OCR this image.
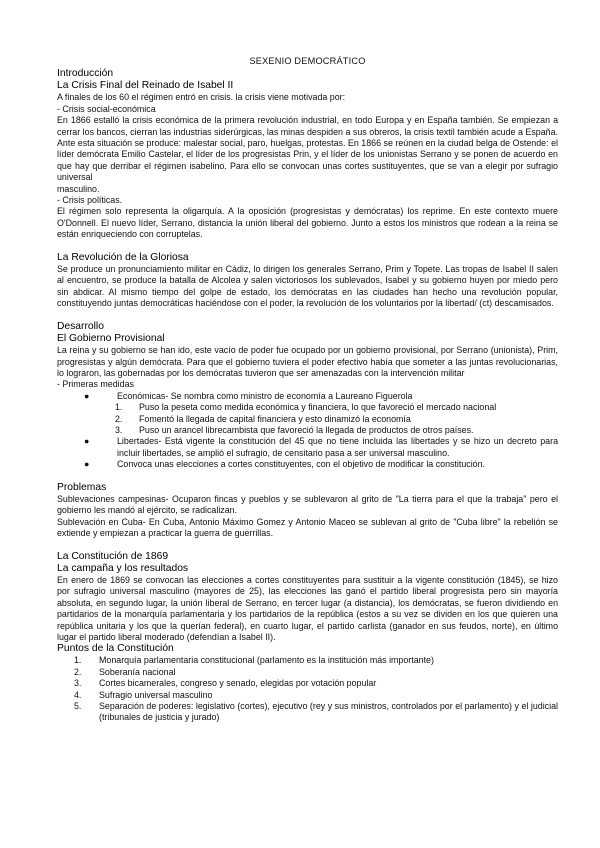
SEXENIO DEMOCRÁTICO

Introducción

La Crisis Final del Reinado de Isabel II

A finales de los 60 el régimen entró en crisis. la crisis viene motivada por:

- Crisis social-económica

En 1866 estalló la crisis económica de la primera revolución industrial, en todo Europa y en España también. Se empiezan a cerrar los bancos, cierran las industrias siderúrgicas, las minas despiden a sus obreros, la crisis textil también acude a España. Ante esta situación se produce: malestar social, paro, huelgas, protestas. En 1866 se reúnen en la ciudad belga de Ostende: el líder demócrata Emilio Castelar, el líder de los progresistas Prin, y el líder de los unionistas Serrano y se ponen de acuerdo en que hay que derribar el régimen isabelino. Para ello se convocan unas cortes sustituyentes, que se van a elegir por sufragio universal

masculino.

- Crisis políticas.

El régimen solo representa la oligarquía. A la oposición (progresistas y demócratas) los reprime. En este contexto muere O'Donnell. El nuevo líder, Serrano, distancia la unión liberal del gobierno. Junto a estos los ministros que rodean a la reina se están enriqueciendo con corruptelas.

La Revolución de la Gloriosa

Se produce un pronunciamiento militar en Cádiz, lo dirigen los generales Serrano, Prim y Topete. Las tropas de Isabel II salen al encuentro, se produce la batalla de Alcolea y salen victoriosos los sublevados, Isabel y su gobierno huyen por miedo pero sin abdicar. Al mismo tiempo del golpe de estado, los demócratas en las ciudades han hecho una revolución popular, constituyendo juntas democráticas haciéndose con el poder, la revolución de los voluntarios por la libertad/ (ct) descamisados.

Desarrollo

El Gobierno Provisional

La reina y su gobierno se han ido, este vacío de poder fue ocupado por un gobierno provisional, por Serrano (unionista), Prim, progresistas y algún demócrata. Para que el gobierno tuviera el poder efectivo había que someter a las juntas revolucionarias, lo lograron, las gobernadas por los demócratas tuvieron que ser amenazadas con la intervención militar

- Primeras medidas

●	Económicas- Se nombra como ministro de economía a Laureano Figuerola
1. Puso la peseta como medida económica y financiera, lo que favoreció el mercado nacional
2. Fomentó la llegada de capital financiera y esto dinamizó la economía
3. Puso un arancel librecambista que favoreció la llegada de productos de otros países.
●	Libertades- Está vigente la constitución del 45 que no tiene incluida las libertades y se hizo un decreto para incluir libertades, se amplió el sufragio, de censitario pasa a ser universal masculino.
●	Convoca unas elecciones a cortes constituyentes, con el objetivo de modificar la constitución.

Problemas

Sublevaciones campesinas- Ocuparon fincas y pueblos y se sublevaron al grito de "La tierra para el que la trabaja" pero el gobierno les mandó al ejército, se radicalizan.

Sublevación en Cuba- En Cuba, Antonio Máximo Gomez y Antonio Maceo se sublevan al grito de "Cuba libre" la rebelión se extiende y empiezan a practicar la guerra de guerrillas.

La Constitución de 1869

La campaña y los resultados

En enero de 1869 se convocan las elecciones a cortes constituyentes para sustituir a la vigente constitución (1845), se hizo por sufragio universal masculino (mayores de 25), las elecciones las ganó el partido liberal progresista pero sin mayoría absoluta, en segundo lugar, la unión liberal de Serrano, en tercer lugar (a distancia), los demócratas, se fueron dividiendo en partidarios de la monarquía parlamentaria y los partidarios de la república (estos a su vez se dividen en los que quieren una república unitaria y los que la querían federal), en cuarto lugar, el partido carlista (ganador en sus feudos, norte), en último lugar el partido liberal moderado (defendían a Isabel II).

Puntos de la Constitución

1. Monarquía parlamentaria constitucional (parlamento es la institución más importante)
2. Soberanía nacional
3. Cortes bicamerales, congreso y senado, elegidas por votación popular
4. Sufragio universal masculino
5. Separación de poderes: legislativo (cortes), ejecutivo (rey y sus ministros, controlados por el parlamento) y el judicial (tribunales de justicia y jurado)
